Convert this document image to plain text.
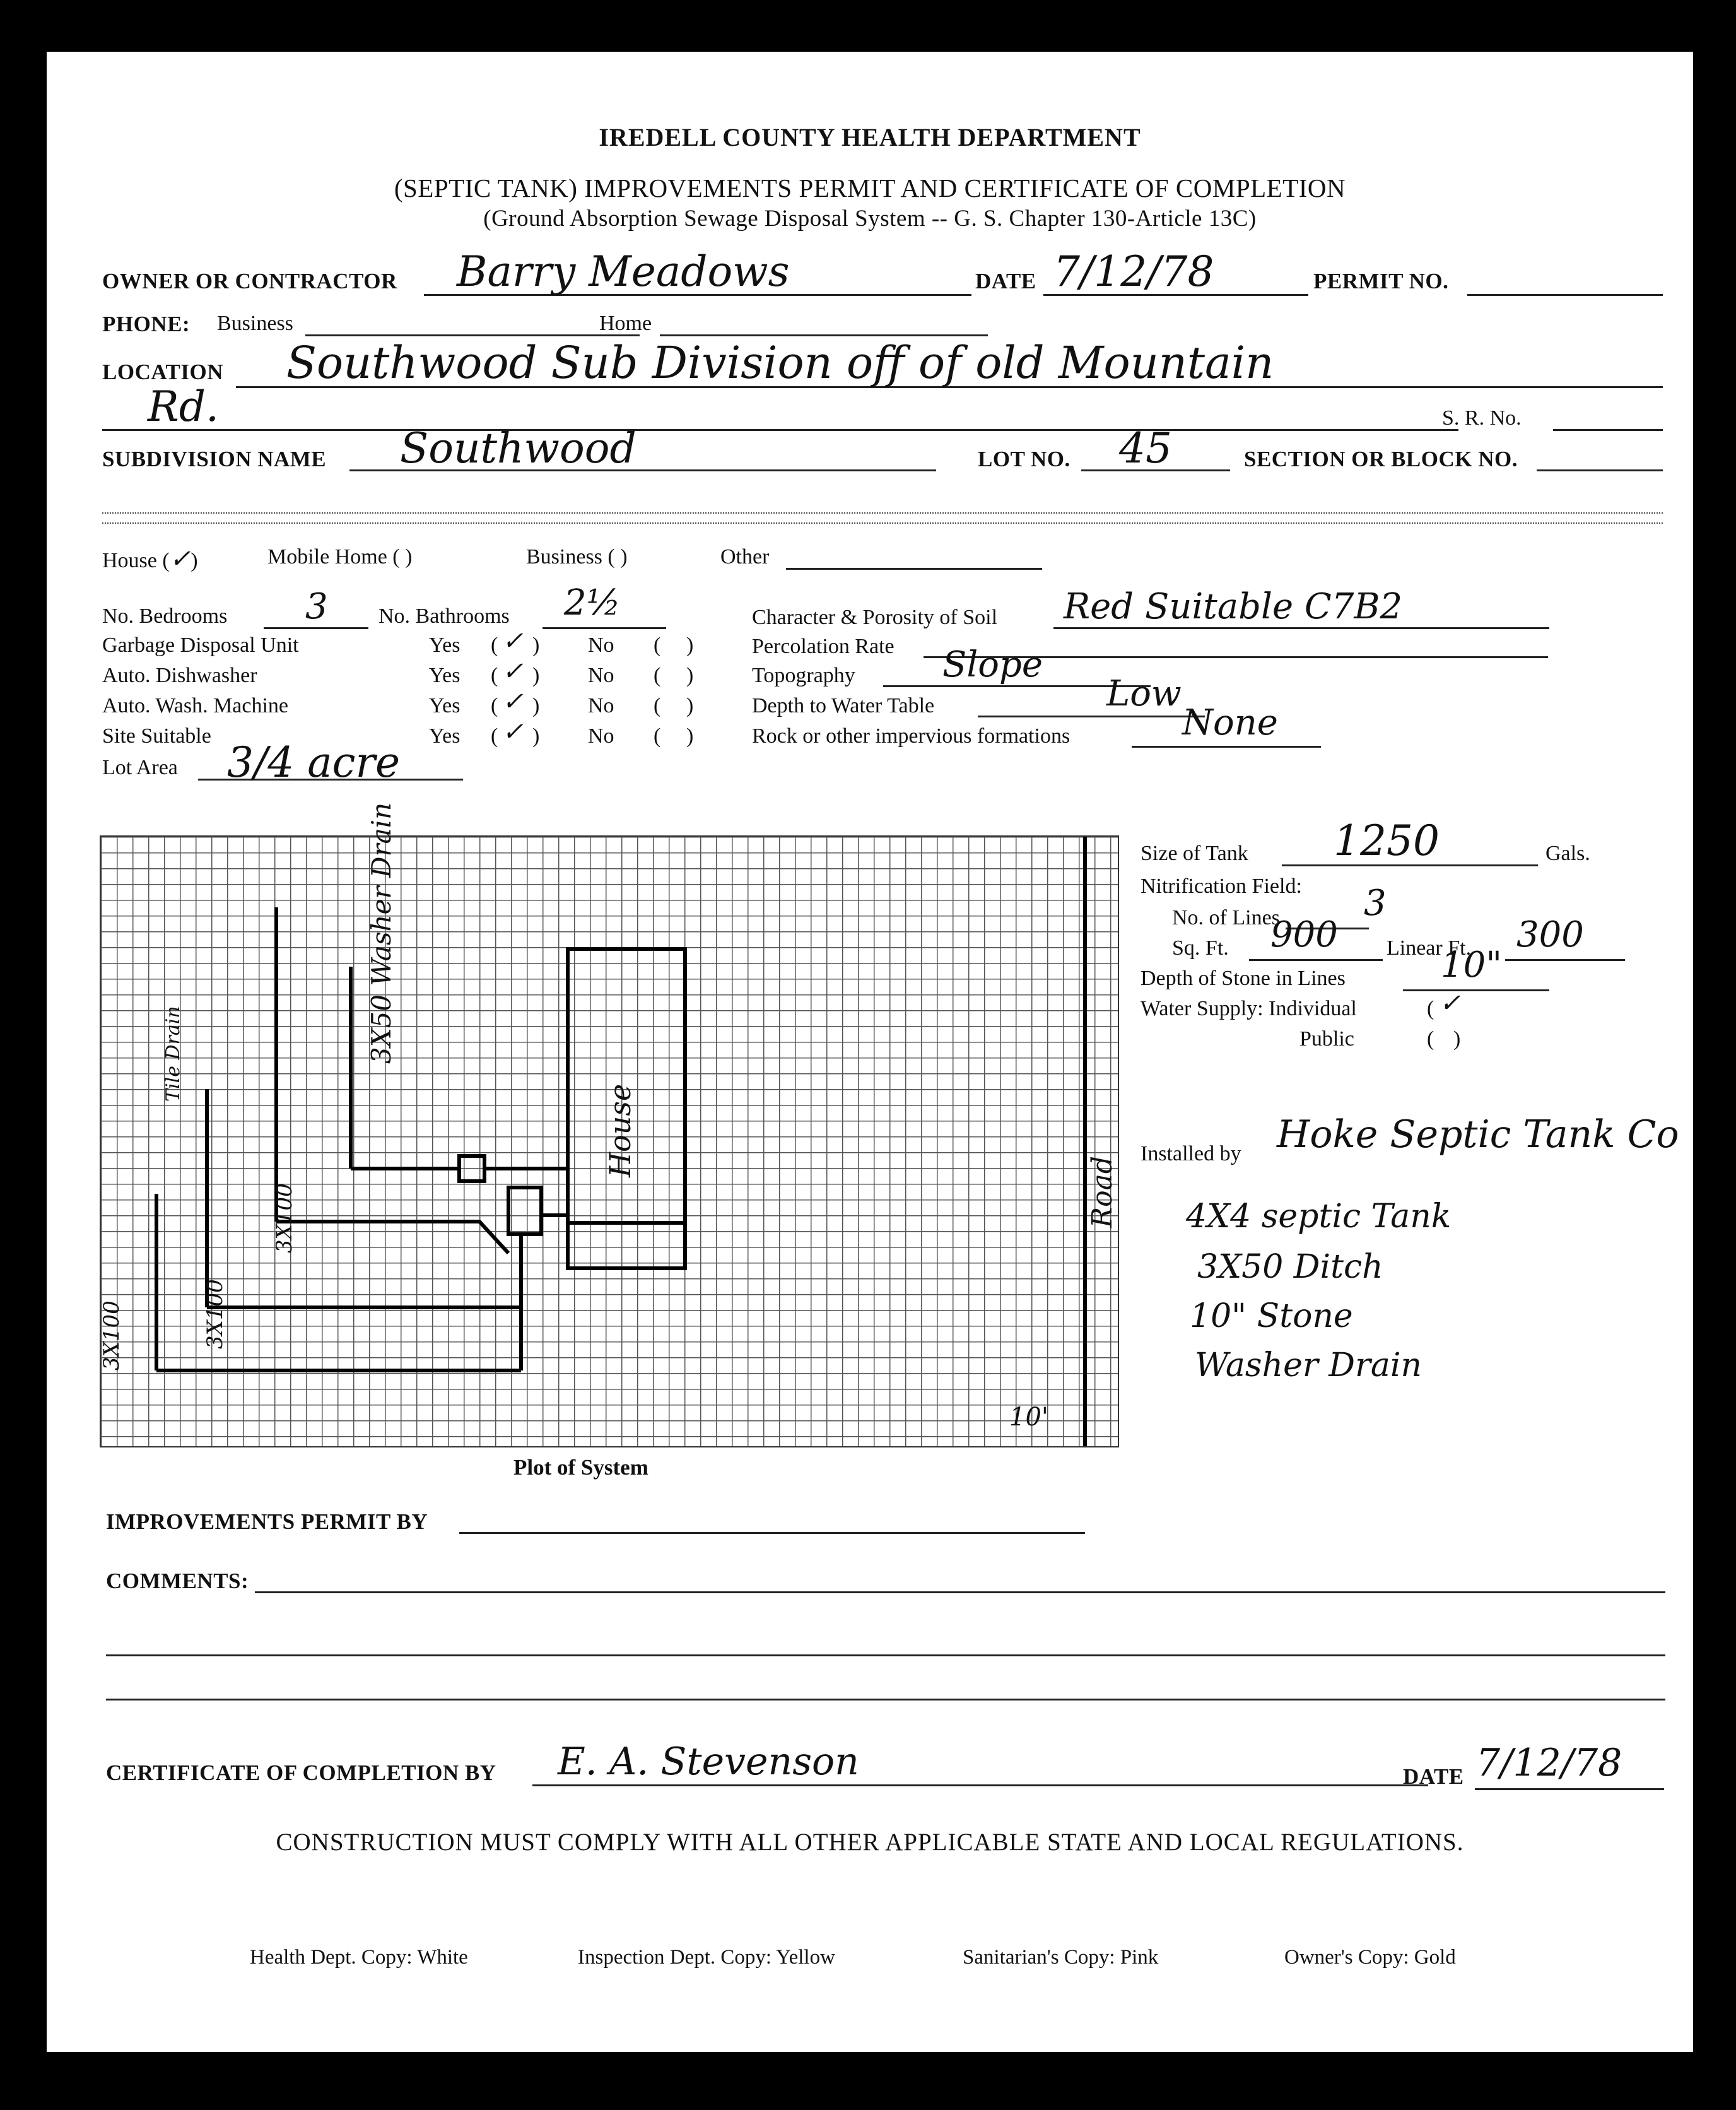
IREDELL COUNTY HEALTH DEPARTMENT
(SEPTIC TANK) IMPROVEMENTS PERMIT AND CERTIFICATE OF COMPLETION
(Ground Absorption Sewage Disposal System -- G. S. Chapter 130-Article 13C)
OWNER OR CONTRACTOR Barry Meadows	DATE 7/12/78	PERMIT NO.
PHONE: Business	Home
LOCATION Southwood Sub Division off of old Mountain
Rd.	S. R. No.
SUBDIVISION NAME Southwood	LOT NO. 45	SECTION OR BLOCK NO.
House (✓)	Mobile Home ( )	Business ( )	Other
No. Bedrooms 3 No. Bathrooms 2½
Garbage Disposal Unit	Yes ( ✓ ) No ( )
Auto. Dishwasher	Yes ( ✓ ) No ( )
Auto. Wash. Machine	Yes ( ✓ ) No ( )
Site Suitable	Yes ( ✓ ) No ( )
Lot Area 3/4 acre
Character & Porosity of Soil Red Suitable C7B2
Percolation Rate
Topography Slope
Depth to Water Table	Low
Rock or other impervious formations	None
3X50 Washer Drain
House
Road
3X100
3X100
3X100
Tile Drain
10'
Plot of System
Size of Tank 1250	Gals.
Nitrification Field:
No. of Lines 3
Sq. Ft. 900 Linear Ft. 300
Depth of Stone in Lines	10"
Water Supply: Individual	( ✓
Public	( )
Installed by Hoke Septic Tank Co
4X4 septic Tank
3X50 Ditch
10" Stone
Washer Drain
IMPROVEMENTS PERMIT BY
COMMENTS:
CERTIFICATE OF COMPLETION BY E. A. Stevenson	DATE 7/12/78
CONSTRUCTION MUST COMPLY WITH ALL OTHER APPLICABLE STATE AND LOCAL REGULATIONS.
Health Dept. Copy: White	Inspection Dept. Copy: Yellow	Sanitarian's Copy: Pink	Owner's Copy: Gold
